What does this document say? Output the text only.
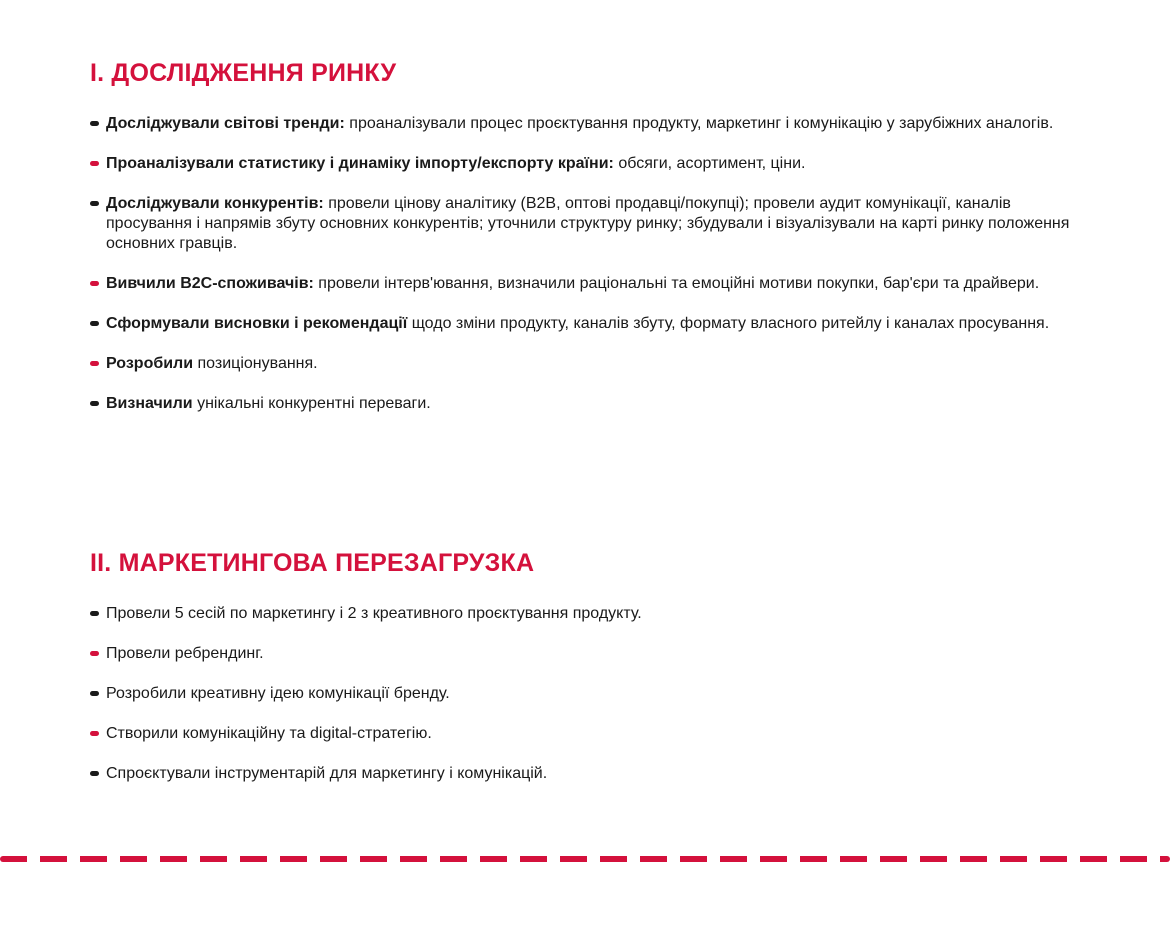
I. ДОСЛІДЖЕННЯ РИНКУ
Досліджували світові тренди: проаналізували процес проєктування продукту, маркетинг і комунікацію у зарубіжних аналогів.
Проаналізували статистику і динаміку імпорту/експорту країни: обсяги, асортимент, ціни.
Досліджували конкурентів: провели цінову аналітику (B2B, оптові продавці/покупці); провели аудит комунікації, каналів просування і напрямів збуту основних конкурентів; уточнили структуру ринку; збудували і візуалізували на карті ринку положення основних гравців.
Вивчили B2C-споживачів: провели інтерв'ювання, визначили раціональні та емоційні мотиви покупки, бар'єри та драйвери.
Сформували висновки і рекомендації щодо зміни продукту, каналів збуту, формату власного ритейлу і каналах просування.
Розробили позиціонування.
Визначили унікальні конкурентні переваги.
II. МАРКЕТИНГОВА ПЕРЕЗАГРУЗКА
Провели 5 сесій по маркетингу і 2 з креативного проєктування продукту.
Провели ребрендинг.
Розробили креативну ідею комунікації бренду.
Створили комунікаційну та digital-стратегію.
Спроєктували інструментарій для маркетингу і комунікацій.
